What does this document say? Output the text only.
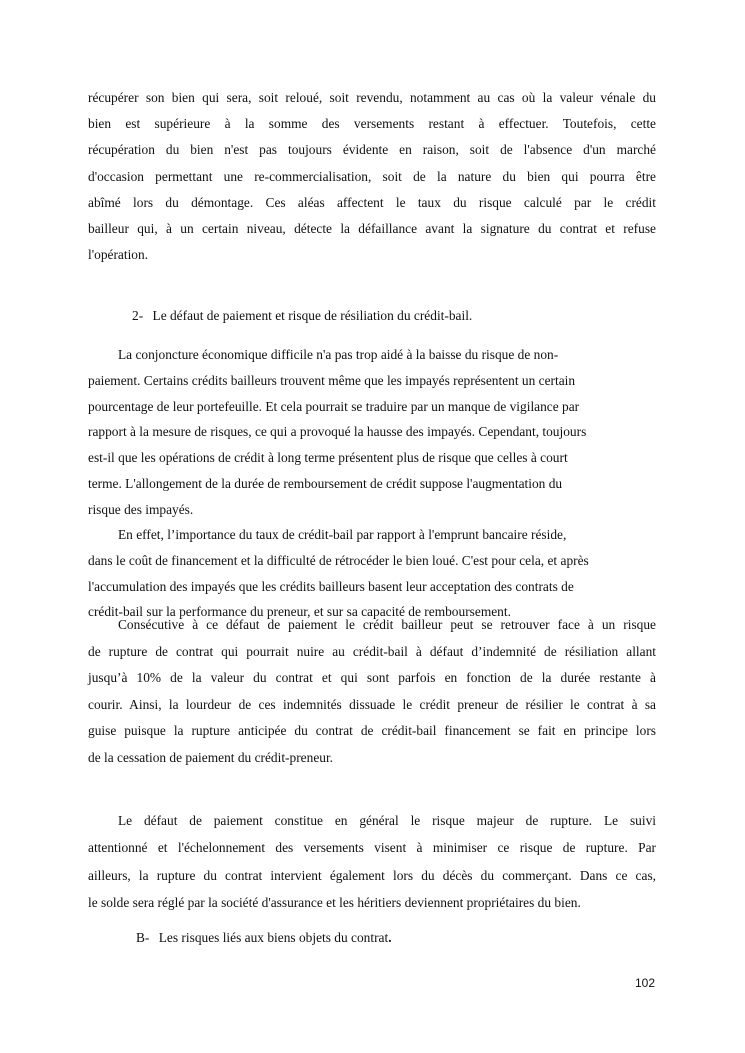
récupérer son bien qui sera, soit reloué, soit revendu, notamment au cas où la valeur vénale du
bien est supérieure à la somme des versements restant à effectuer. Toutefois, cette
récupération du bien n'est pas toujours évidente en raison, soit de l'absence d'un marché
d'occasion permettant une re-commercialisation, soit de la nature du bien qui pourra être
abîmé lors du démontage. Ces aléas affectent le taux du risque calculé par le crédit
bailleur qui, à un certain niveau, détecte la défaillance avant la signature du contrat et refuse
l'opération.
2- Le défaut de paiement et risque de résiliation du crédit-bail.
La conjoncture économique difficile n'a pas trop aidé à la baisse du risque de non-
paiement. Certains crédits bailleurs trouvent même que les impayés représentent un certain
pourcentage de leur portefeuille. Et cela pourrait se traduire par un manque de vigilance par
rapport à la mesure de risques, ce qui a provoqué la hausse des impayés. Cependant, toujours
est-il que les opérations de crédit à long terme présentent plus de risque que celles à court
terme. L'allongement de la durée de remboursement de crédit suppose l'augmentation du
risque des impayés.
En effet, l’importance du taux de crédit-bail par rapport à l'emprunt bancaire réside,
dans le coût de financement et la difficulté de rétrocéder le bien loué. C'est pour cela, et après
l'accumulation des impayés que les crédits bailleurs basent leur acceptation des contrats de
crédit-bail sur la performance du preneur, et sur sa capacité de remboursement.
Consécutive à ce défaut de paiement le crédit bailleur peut se retrouver face à un risque
de rupture de contrat qui pourrait nuire au crédit-bail à défaut d’indemnité de résiliation allant
jusqu’à 10% de la valeur du contrat et qui sont parfois en fonction de la durée restante à
courir. Ainsi, la lourdeur de ces indemnités dissuade le crédit preneur de résilier le contrat à sa
guise puisque la rupture anticipée du contrat de crédit-bail financement se fait en principe lors
de la cessation de paiement du crédit-preneur.
Le défaut de paiement constitue en général le risque majeur de rupture. Le suivi
attentionné et l'échelonnement des versements visent à minimiser ce risque de rupture. Par
ailleurs, la rupture du contrat intervient également lors du décès du commerçant. Dans ce cas,
le solde sera réglé par la société d'assurance et les héritiers deviennent propriétaires du bien.
B- Les risques liés aux biens objets du contrat.
102
